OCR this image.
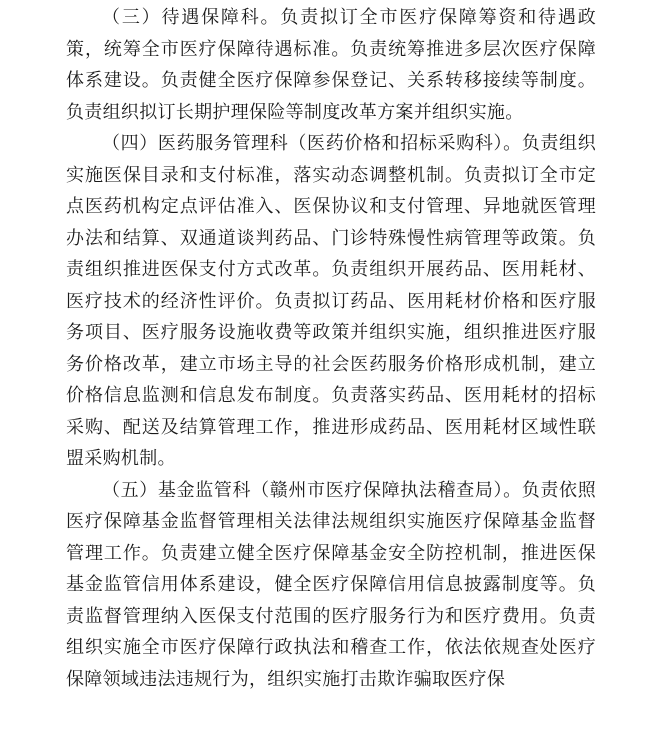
（三）待遇保障科。负责拟订全市医疗保障筹资和待遇政策，统筹全市医疗保障待遇标准。负责统筹推进多层次医疗保障体系建设。负责健全医疗保障参保登记、关系转移接续等制度。负责组织拟订长期护理保险等制度改革方案并组织实施。

（四）医药服务管理科（医药价格和招标采购科）。负责组织实施医保目录和支付标准，落实动态调整机制。负责拟订全市定点医药机构定点评估准入、医保协议和支付管理、异地就医管理办法和结算、双通道谈判药品、门诊特殊慢性病管理等政策。负责组织推进医保支付方式改革。负责组织开展药品、医用耗材、医疗技术的经济性评价。负责拟订药品、医用耗材价格和医疗服务项目、医疗服务设施收费等政策并组织实施，组织推进医疗服务价格改革，建立市场主导的社会医药服务价格形成机制，建立价格信息监测和信息发布制度。负责落实药品、医用耗材的招标采购、配送及结算管理工作，推进形成药品、医用耗材区域性联盟采购机制。

（五）基金监管科（赣州市医疗保障执法稽查局）。负责依照医疗保障基金监督管理相关法律法规组织实施医疗保障基金监督管理工作。负责建立健全医疗保障基金安全防控机制，推进医保基金监管信用体系建设，健全医疗保障信用信息披露制度等。负责监督管理纳入医保支付范围的医疗服务行为和医疗费用。负责组织实施全市医疗保障行政执法和稽查工作，依法依规查处医疗保障领域违法违规行为，组织实施打击欺诈骗取医疗保
